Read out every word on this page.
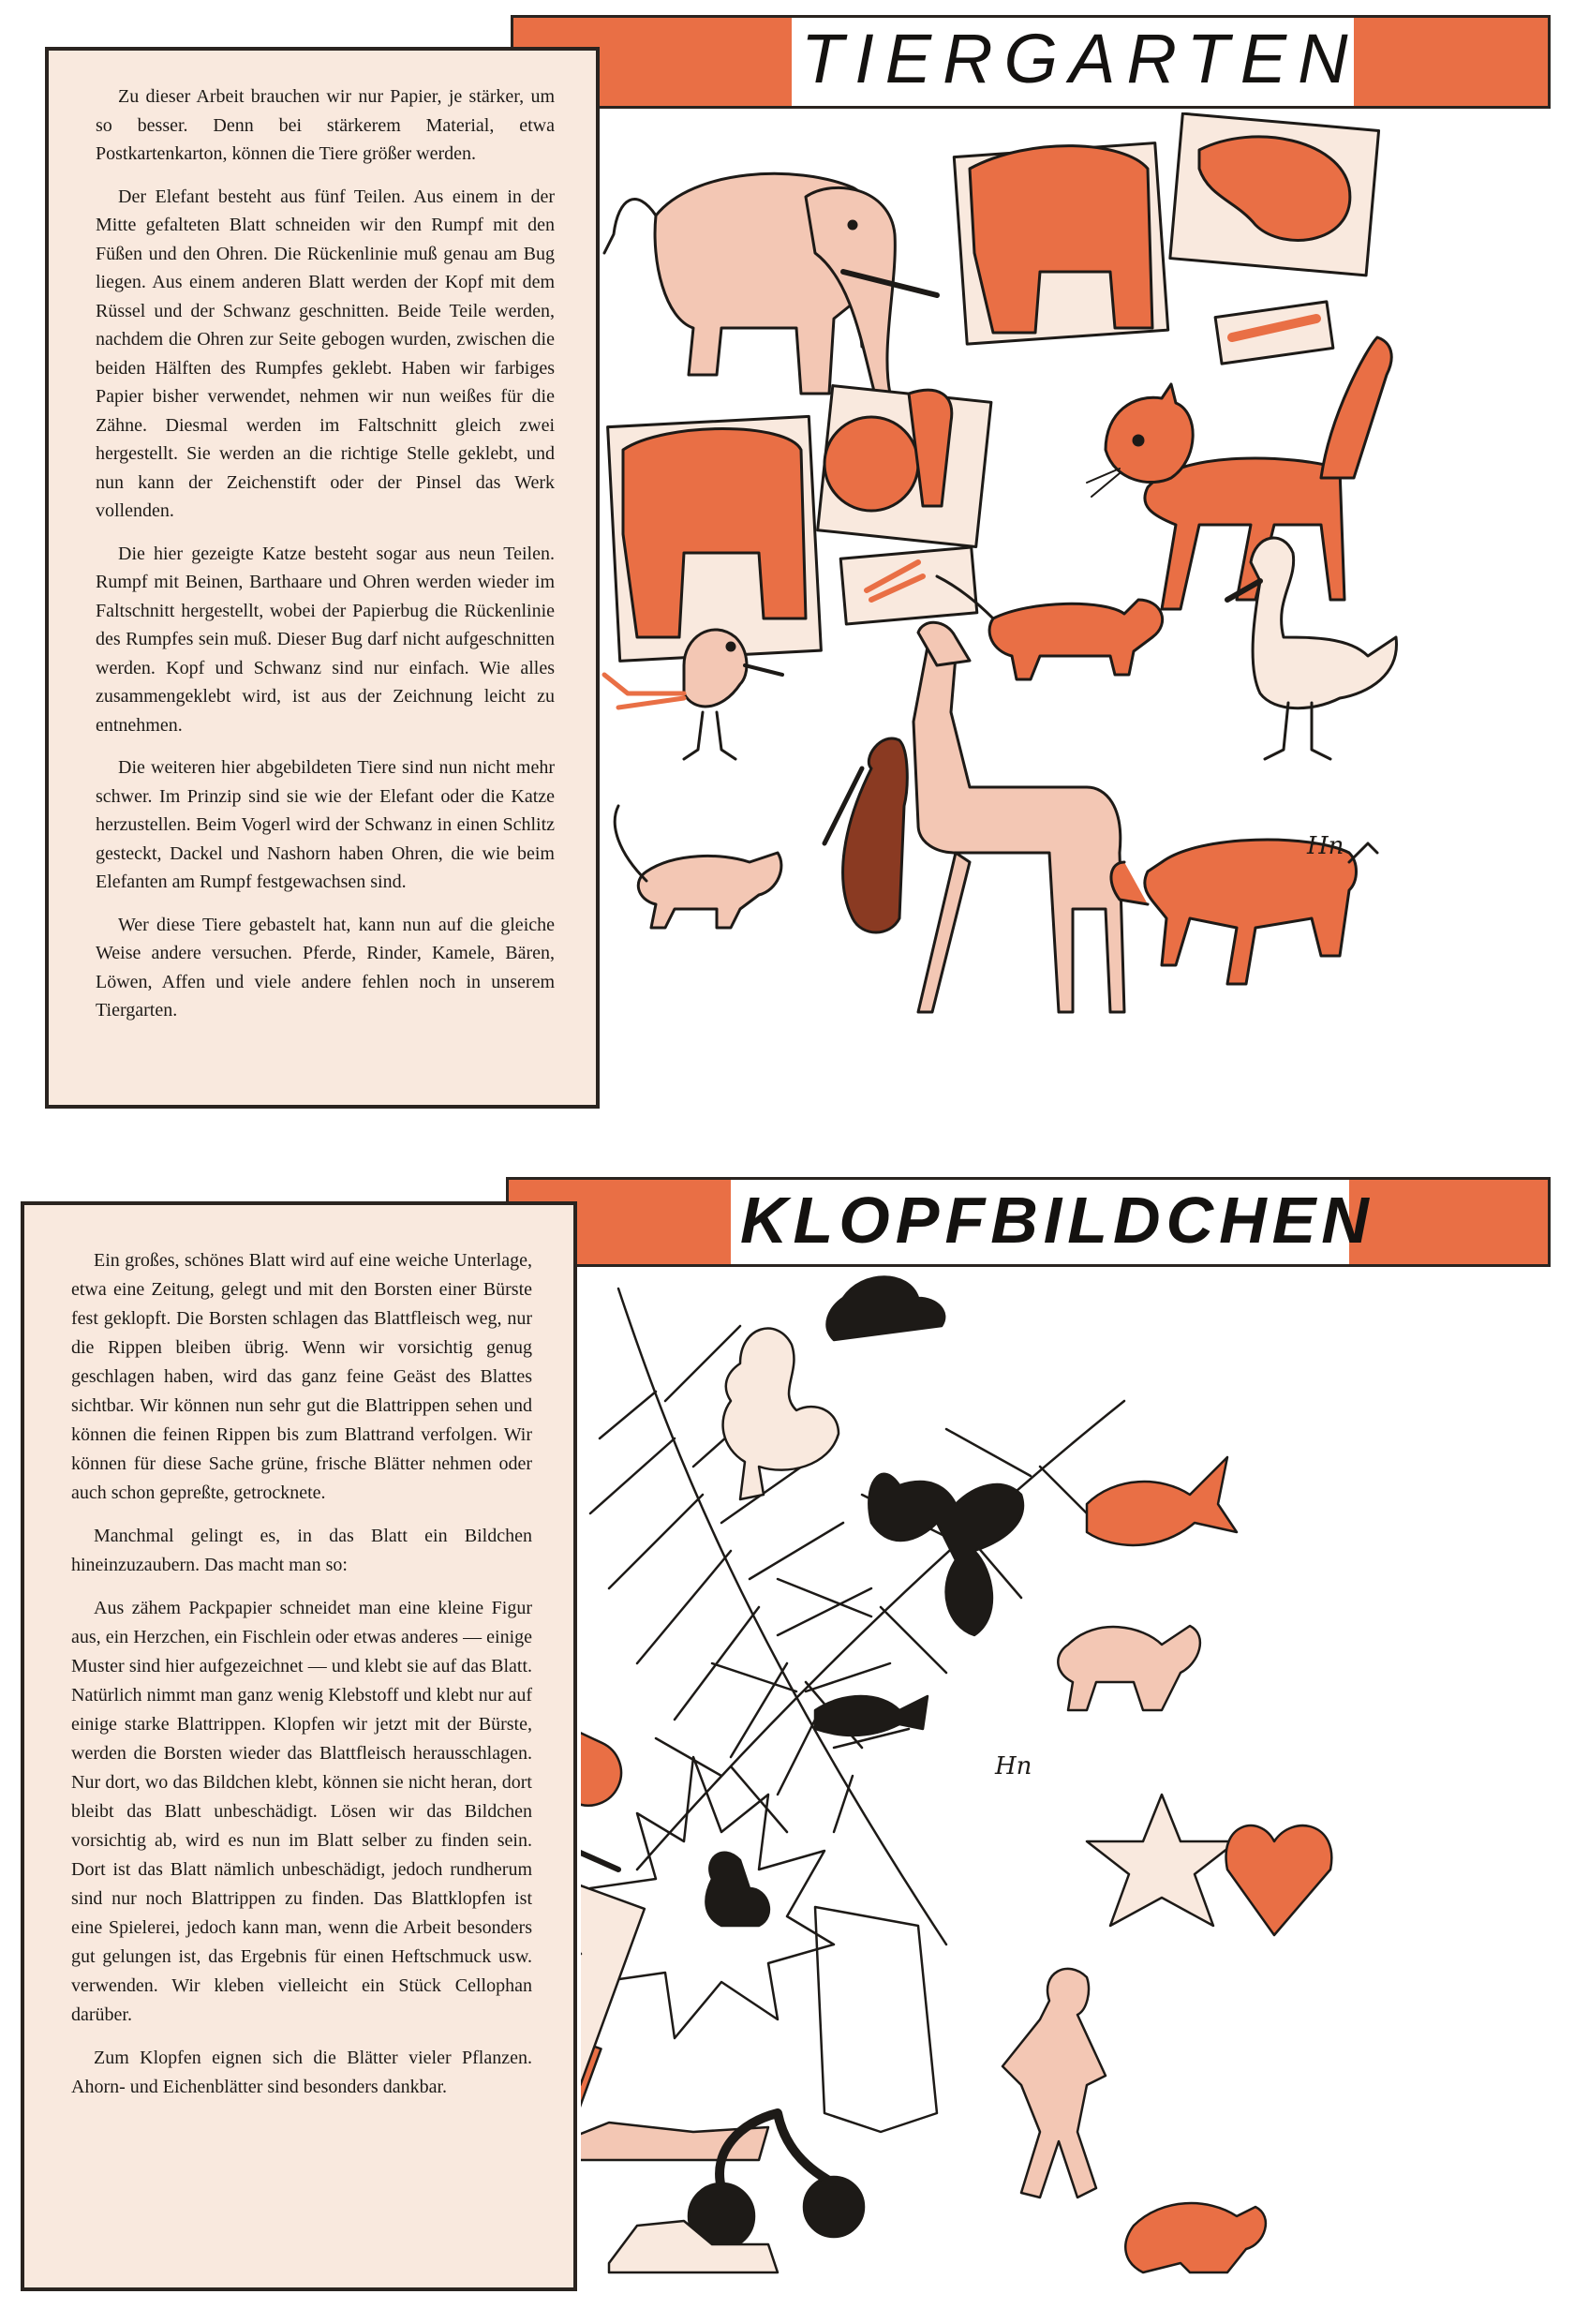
TIERGARTEN

Zu dieser Arbeit brauchen wir nur Papier, je stärker, um so besser. Denn bei stärkerem Material, etwa Postkartenkarton, können die Tiere größer werden.

Der Elefant besteht aus fünf Teilen. Aus einem in der Mitte gefalteten Blatt schneiden wir den Rumpf mit den Füßen und den Ohren. Die Rückenlinie muß genau am Bug liegen. Aus einem anderen Blatt werden der Kopf mit dem Rüssel und der Schwanz geschnitten. Beide Teile werden, nachdem die Ohren zur Seite gebogen wurden, zwischen die beiden Hälften des Rumpfes geklebt. Haben wir farbiges Papier bisher verwendet, nehmen wir nun weißes für die Zähne. Diesmal werden im Faltschnitt gleich zwei hergestellt. Sie werden an die richtige Stelle geklebt, und nun kann der Zeichenstift oder der Pinsel das Werk vollenden.

Die hier gezeigte Katze besteht sogar aus neun Teilen. Rumpf mit Beinen, Barthaare und Ohren werden wieder im Faltschnitt hergestellt, wobei der Papierbug die Rückenlinie des Rumpfes sein muß. Dieser Bug darf nicht aufgeschnitten werden. Kopf und Schwanz sind nur einfach. Wie alles zusammengeklebt wird, ist aus der Zeichnung leicht zu entnehmen.

Die weiteren hier abgebildeten Tiere sind nun nicht mehr schwer. Im Prinzip sind sie wie der Elefant oder die Katze herzustellen. Beim Vogerl wird der Schwanz in einen Schlitz gesteckt, Dackel und Nashorn haben Ohren, die wie beim Elefanten am Rumpf festgewachsen sind.

Wer diese Tiere gebastelt hat, kann nun auf die gleiche Weise andere versuchen. Pferde, Rinder, Kamele, Bären, Löwen, Affen und viele andere fehlen noch in unserem Tiergarten.

Hn
KLOPFBILDCHEN

Ein großes, schönes Blatt wird auf eine weiche Unterlage, etwa eine Zeitung, gelegt und mit den Borsten einer Bürste fest geklopft. Die Borsten schlagen das Blattfleisch weg, nur die Rippen bleiben übrig. Wenn wir vorsichtig genug geschlagen haben, wird das ganz feine Geäst des Blattes sichtbar. Wir können nun sehr gut die Blattrippen sehen und können die feinen Rippen bis zum Blattrand verfolgen. Wir können für diese Sache grüne, frische Blätter nehmen oder auch schon gepreßte, getrocknete.

Manchmal gelingt es, in das Blatt ein Bildchen hineinzuzaubern. Das macht man so:

Aus zähem Packpapier schneidet man eine kleine Figur aus, ein Herzchen, ein Fischlein oder etwas anderes — einige Muster sind hier aufgezeichnet — und klebt sie auf das Blatt. Natürlich nimmt man ganz wenig Klebstoff und klebt nur auf einige starke Blattrippen. Klopfen wir jetzt mit der Bürste, werden die Borsten wieder das Blattfleisch herausschlagen. Nur dort, wo das Bildchen klebt, können sie nicht heran, dort bleibt das Blatt unbeschädigt. Lösen wir das Bildchen vorsichtig ab, wird es nun im Blatt selber zu finden sein. Dort ist das Blatt nämlich unbeschädigt, jedoch rundherum sind nur noch Blattrippen zu finden. Das Blattklopfen ist eine Spielerei, jedoch kann man, wenn die Arbeit besonders gut gelungen ist, das Ergebnis für einen Heftschmuck usw. verwenden. Wir kleben vielleicht ein Stück Cellophan darüber.

Zum Klopfen eignen sich die Blätter vieler Pflanzen. Ahorn- und Eichenblätter sind besonders dankbar.

Hn
